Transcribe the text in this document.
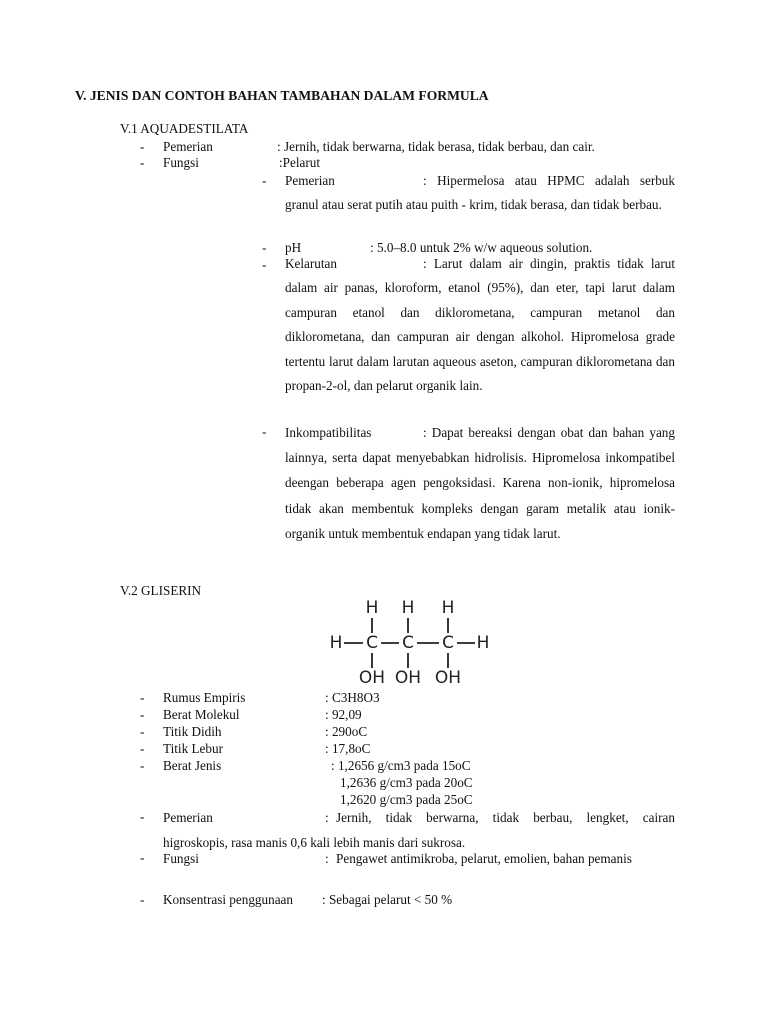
V. JENIS DAN CONTOH BAHAN TAMBAHAN DALAM FORMULA
V.1 AQUADESTILATA
- Pemerian	: Jernih, tidak berwarna, tidak berasa, tidak berbau, dan cair.
- Fungsi	:Pelarut
- Pemerian	: Hipermelosa atau HPMC adalah serbuk granul atau serat putih atau puith - krim, tidak berasa, dan tidak berbau.
- pH	: 5.0–8.0 untuk 2% w/w aqueous solution.
- Kelarutan	: Larut dalam air dingin, praktis tidak larut dalam air panas, kloroform, etanol (95%), dan eter, tapi larut dalam campuran etanol dan diklorometana, campuran metanol dan diklorometana, dan campuran air dengan alkohol. Hipromelosa grade tertentu larut dalam larutan aqueous aseton, campuran diklorometana dan propan-2-ol, dan pelarut organik lain.
- Inkompatibilitas	: Dapat bereaksi dengan obat dan bahan yang lainnya, serta dapat menyebabkan hidrolisis. Hipromelosa inkompatibel deengan beberapa agen pengoksidasi. Karena non-ionik, hipromelosa tidak akan membentuk kompleks dengan garam metalik atau ionik-organik untuk membentuk endapan yang tidak larut.
V.2 GLISERIN
H H H
H C C C H
OH OH OH
- Rumus Empiris	: C3H8O3
- Berat Molekul	: 92,09
- Titik Didih	: 290oC
- Titik Lebur	: 17,8oC
- Berat Jenis	: 1,2656 g/cm3 pada 15oC
1,2636 g/cm3 pada 20oC
1,2620 g/cm3 pada 25oC
- Pemerian	: Jernih, tidak berwarna, tidak berbau, lengket, cairan higroskopis, rasa manis 0,6 kali lebih manis dari sukrosa.
- Fungsi	: Pengawet antimikroba, pelarut, emolien, bahan pemanis
- Konsentrasi penggunaan : Sebagai pelarut < 50 %
